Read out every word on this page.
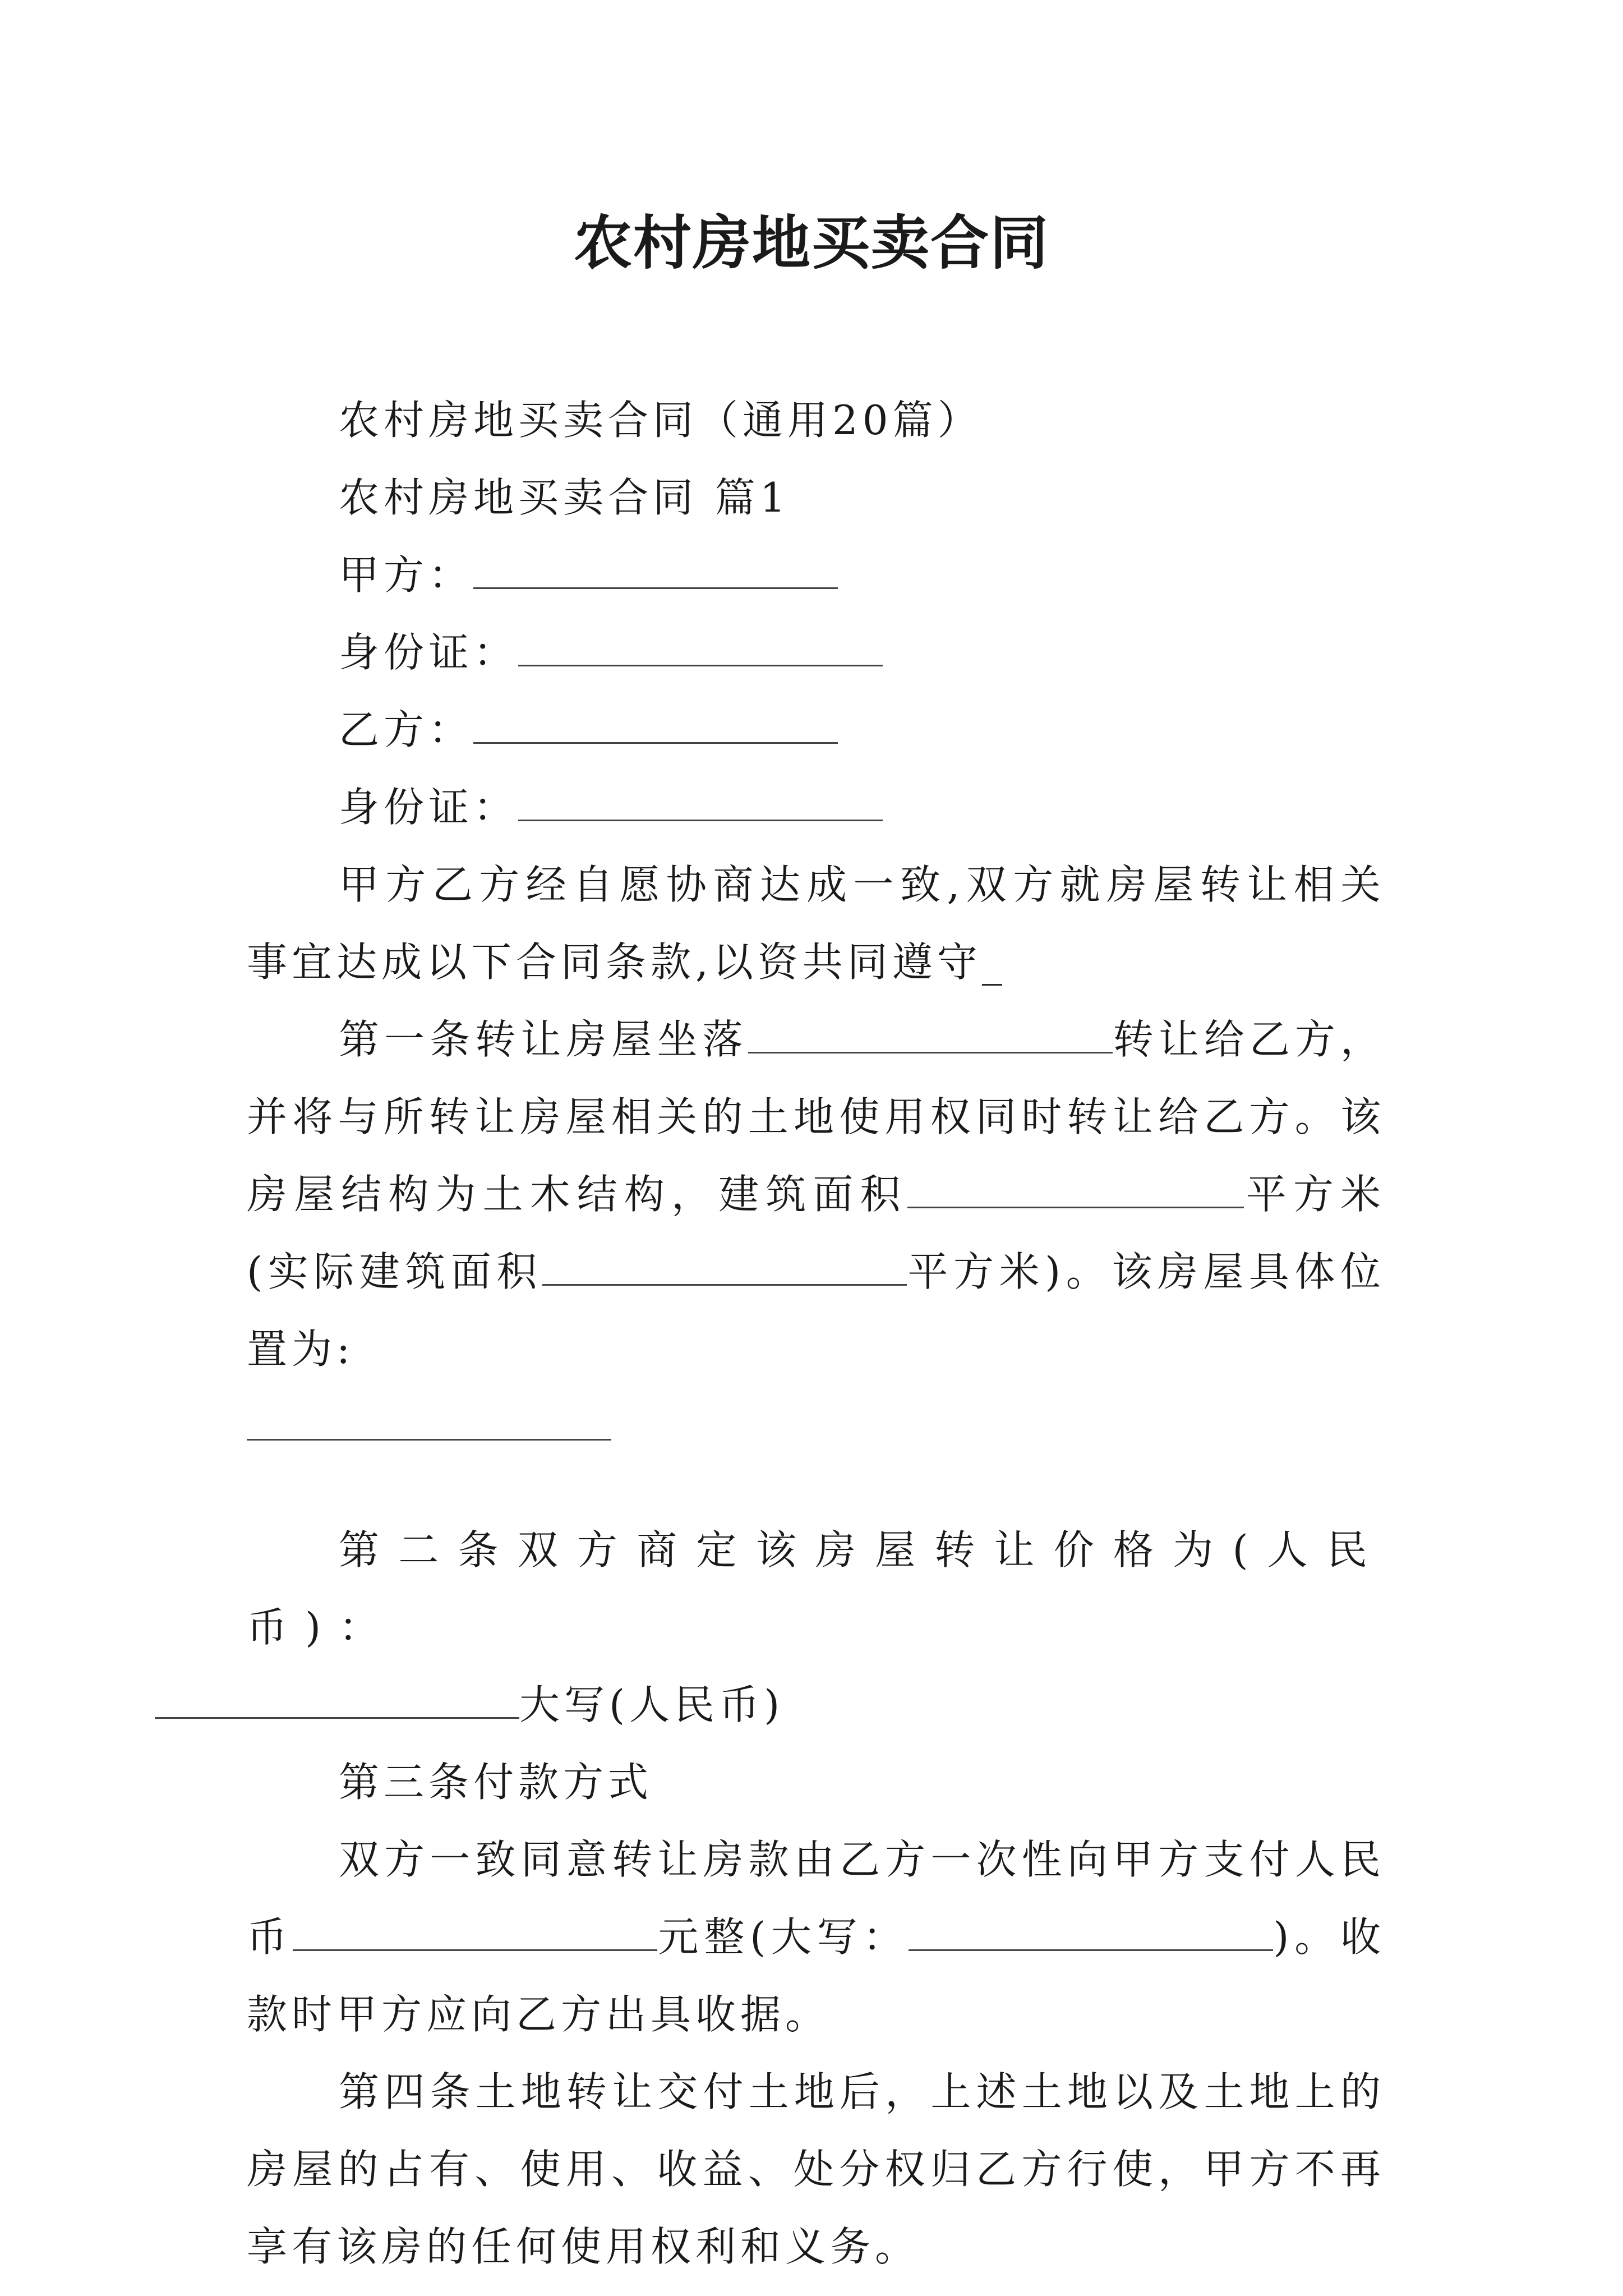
农村房地买卖合同

农村房地买卖合同（通用20篇）

农村房地买卖合同 篇1

甲方：

身份证：

乙方：

身份证：

甲方乙方经自愿协商达成一致,双方就房屋转让相关事宜达成以下合同条款,以资共同遵守_

第一条转让房屋坐落	转让给乙方，并将与所转让房屋相关的土地使用权同时转让给乙方。该房屋结构为土木结构，建筑面积	平方米(实际建筑面积	平方米)。该房屋具体位置为:

第二条双方商定该房屋转让价格为(人民币)：
大写(人民币)

第三条付款方式

双方一致同意转让房款由乙方一次性向甲方支付人民币	元整(大写：	)。收款时甲方应向乙方出具收据。

第四条土地转让交付土地后，上述土地以及土地上的房屋的占有、使用、收益、处分权归乙方行使，甲方不再享有该房的任何使用权利和义务。
